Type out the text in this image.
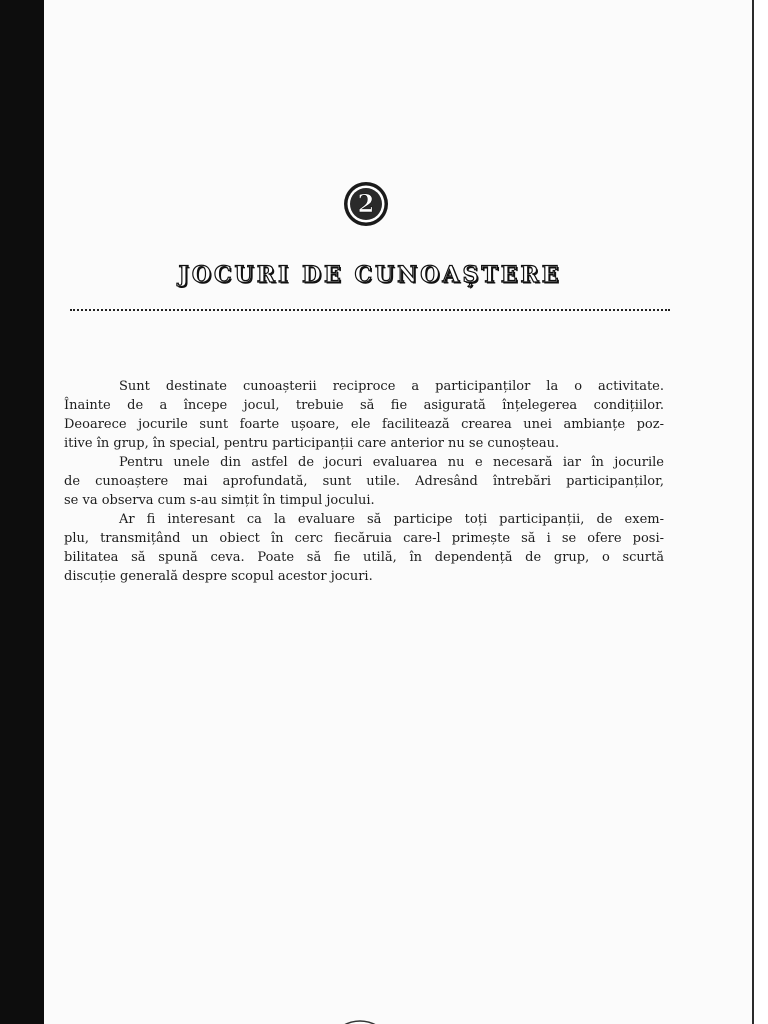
2
JOCURI DE CUNOAȘTERE
Sunt destinate cunoașterii reciproce a participanților la o activitate.
Înainte de a începe jocul, trebuie să fie asigurată înțelegerea condițiilor.
Deoarece jocurile sunt foarte ușoare, ele facilitează crearea unei ambianțe poz-
itive în grup, în special, pentru participanții care anterior nu se cunoșteau.
Pentru unele din astfel de jocuri evaluarea nu e necesară iar în jocurile
de cunoaștere mai aprofundată, sunt utile. Adresând întrebări participanților,
se va observa cum s-au simțit în timpul jocului.
Ar fi interesant ca la evaluare să participe toți participanții, de exem-
plu, transmițând un obiect în cerc fiecăruia care-l primește să i se ofere posi-
bilitatea să spună ceva. Poate să fie utilă, în dependență de grup, o scurtă
discuție generală despre scopul acestor jocuri.
